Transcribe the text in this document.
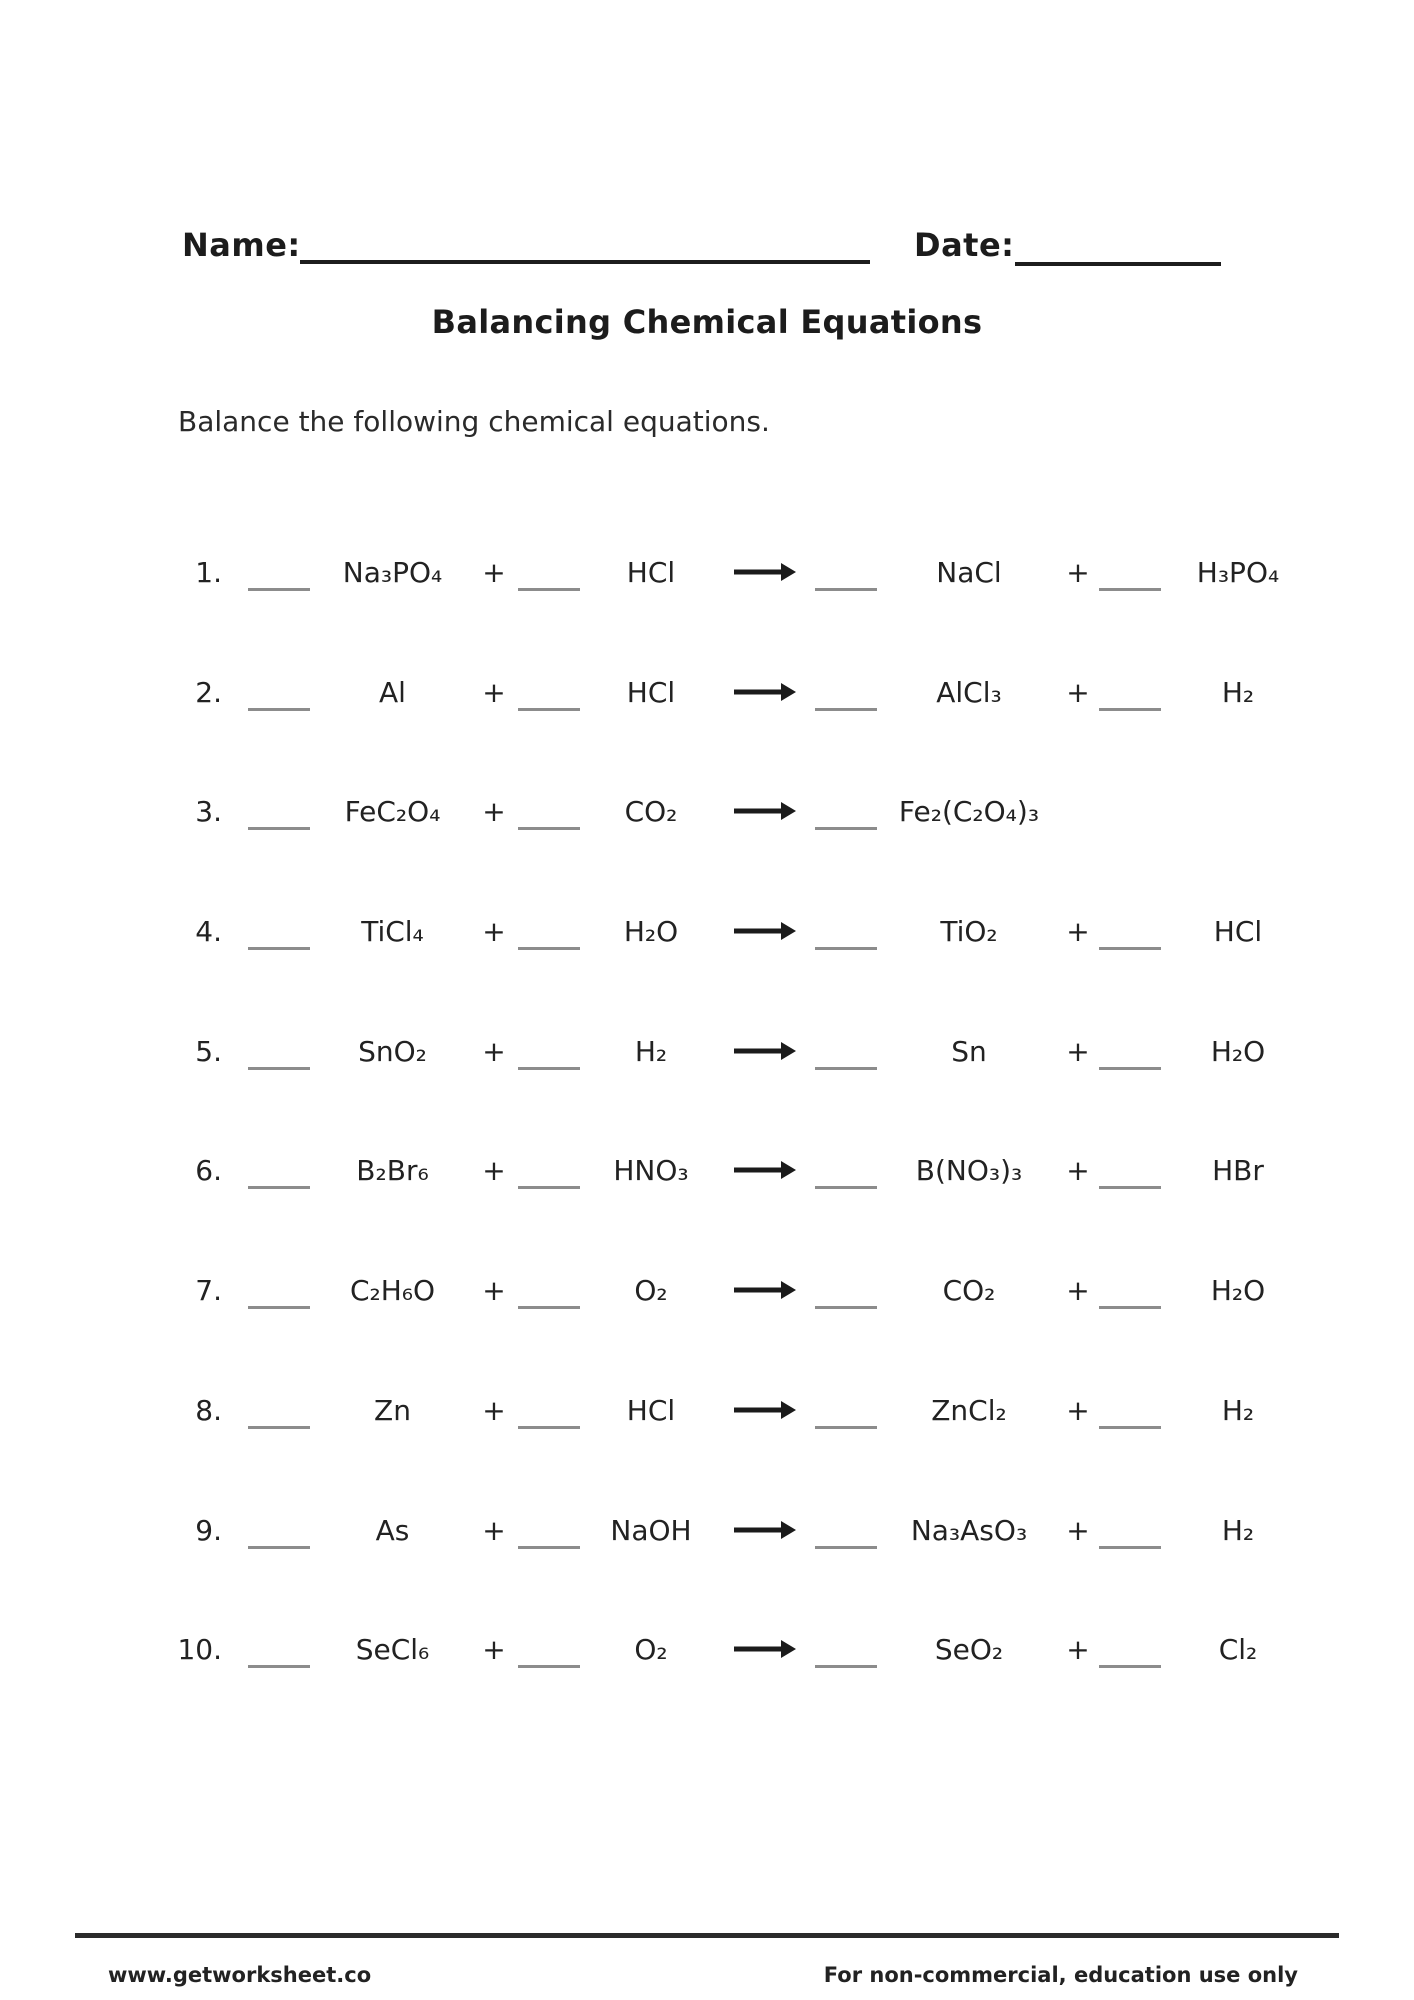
Name:	Date:
Balancing Chemical Equations
Balance the following chemical equations.
1.	Na₃PO₄	+	HCl	→	NaCl	+	H₃PO₄
2.	Al	+	HCl	→	AlCl₃	+	H₂
3.	FeC₂O₄	+	CO₂	→	Fe₂(C₂O₄)₃
4.	TiCl₄	+	H₂O	→	TiO₂	+	HCl
5.	SnO₂	+	H₂	Sn	+	H₂O
6.	B₂Br₆	+	HNO₃	→	B(NO₃)₃	+	HBr
7.	C₂H₆O	+	O₂	CO₂	+	H₂O
8.	Zn	+	HCl	→	ZnCl₂	+	H₂
9.	As	+	NaOH →	Na₃AsO₃	+	H₂
10.	SeCl₆	+	O₂	SeO₂	+	Cl₂
www.getworksheet.co	For non-commercial, education use only
